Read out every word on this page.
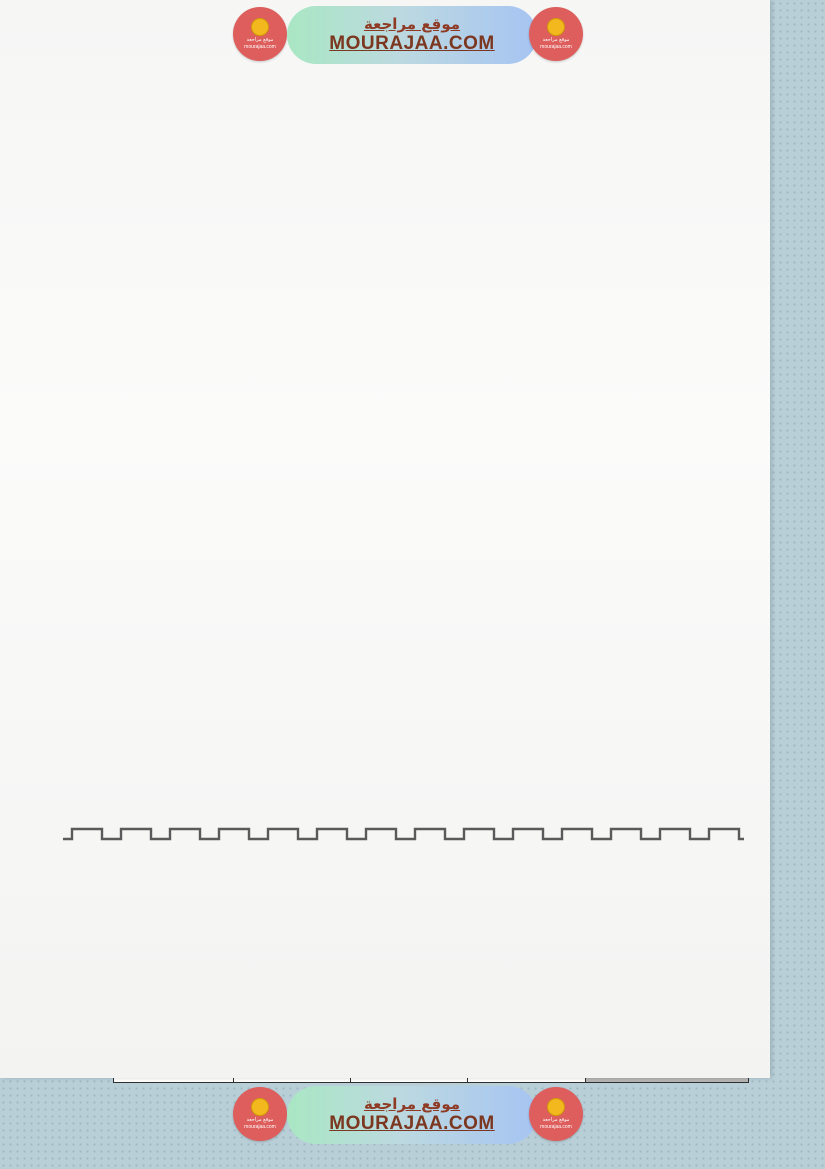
موقع مراجعة
mourajaa.com
موقع مراجعة
MOURAJAA.COM	موقع مراجعة
mourajaa.com
موقع مراجعة
mourajaa.com
موقع مراجعة
MOURAJAA.COM	موقع مراجعة
mourajaa.com
